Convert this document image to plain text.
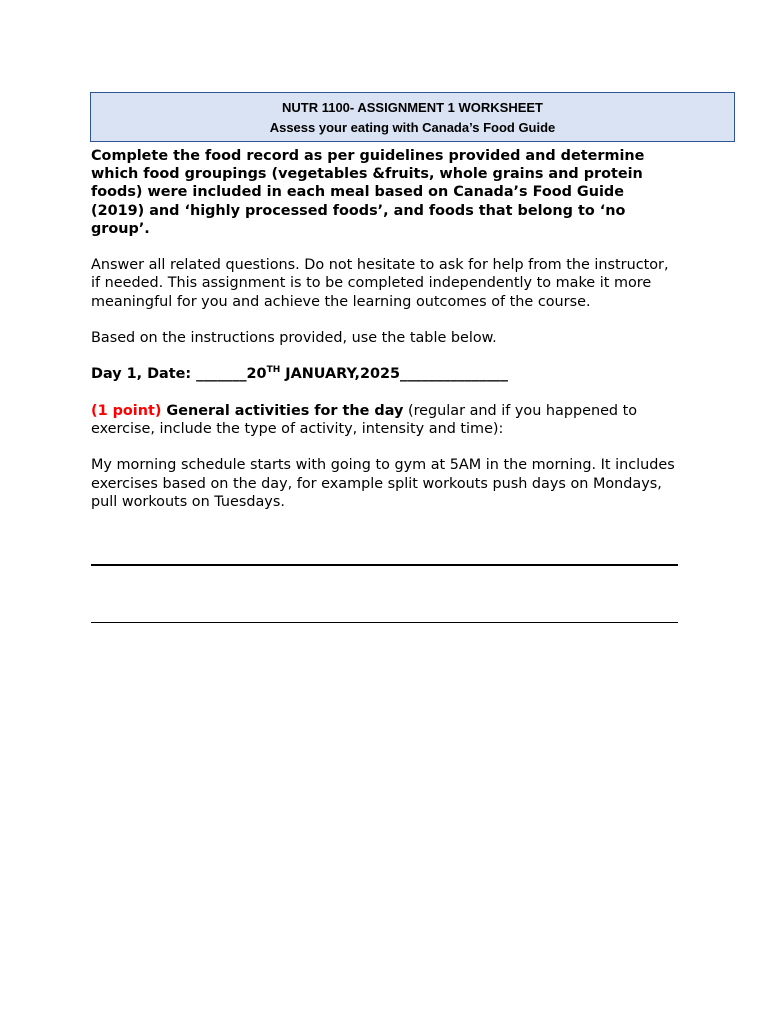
NUTR 1100- ASSIGNMENT 1 WORKSHEET
Assess your eating with Canada’s Food Guide

Complete the food record as per guidelines provided and determine which food groupings (vegetables &fruits, whole grains and protein foods) were included in each meal based on Canada’s Food Guide (2019) and ‘highly processed foods’, and foods that belong to ‘no group’.

Answer all related questions. Do not hesitate to ask for help from the instructor, if needed. This assignment is to be completed independently to make it more meaningful for you and achieve the learning outcomes of the course.

Based on the instructions provided, use the table below.

Day 1, Date: _______20TH JANUARY,2025_______________

(1 point) General activities for the day (regular and if you happened to exercise, include the type of activity, intensity and time):

My morning schedule starts with going to gym at 5AM in the morning. It includes exercises based on the day, for example split workouts push days on Mondays, pull workouts on Tuesdays.
